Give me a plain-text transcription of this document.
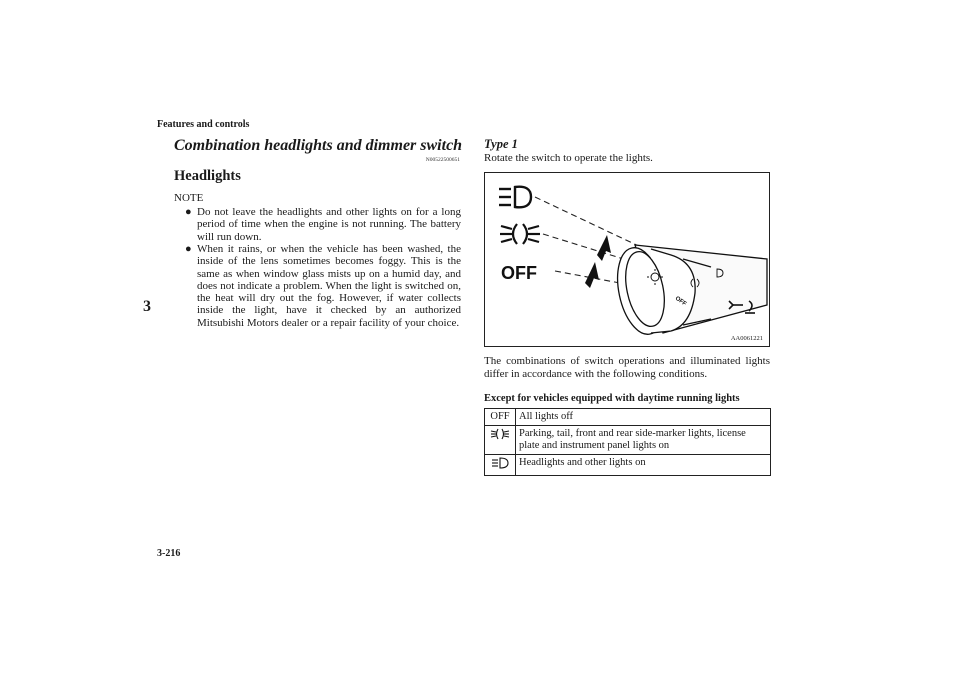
Features and controls
3
3-216
Combination headlights and dimmer switch
N00522500651
Headlights
NOTE
● Do not leave the headlights and other lights on for a long period of time when the engine is not running. The battery will run down.
● When it rains, or when the vehicle has been washed, the inside of the lens sometimes becomes foggy. This is the same as when window glass mists up on a humid day, and does not indicate a problem. When the light is switched on, the heat will dry out the fog. However, if water collects inside the light, have it checked by an authorized Mitsubishi Motors dealer or a repair facility of your choice.
Type 1
Rotate the switch to operate the lights.
OFF
OFF
AA0061221
The combinations of switch operations and illuminated lights differ in accordance with the following conditions.
Except for vehicles equipped with daytime running lights
OFF	All lights off
	Parking, tail, front and rear side-marker lights, license plate and instrument panel lights on
	Headlights and other lights on
